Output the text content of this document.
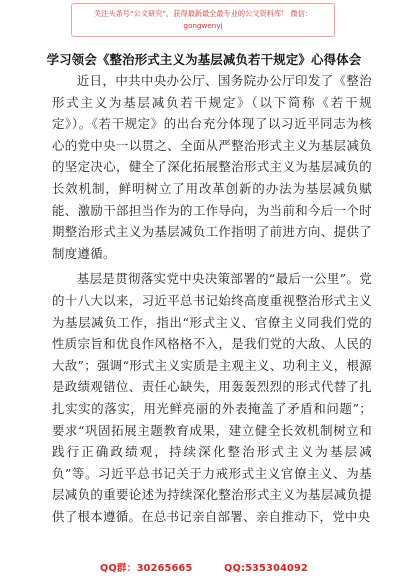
关注头条号“公文研究”，获得最新最全最专业的公文资料库！ 微信：gongwenyj
学习领会《整治形式主义为基层减负若干规定》心得体会

近日，中共中央办公厅、国务院办公厅印发了《整治形式主义为基层减负若干规定》（以下简称《若干规定》）。《若干规定》的出台充分体现了以习近平同志为核心的党中央一以贯之、全面从严整治形式主义为基层减负的坚定决心，健全了深化拓展整治形式主义为基层减负的长效机制，鲜明树立了用改革创新的办法为基层减负赋能、激励干部担当作为的工作导向，为当前和今后一个时期整治形式主义为基层减负工作指明了前进方向、提供了制度遵循。

基层是贯彻落实党中央决策部署的“最后一公里”。党的十八大以来，习近平总书记始终高度重视整治形式主义为基层减负工作，指出“形式主义、官僚主义同我们党的性质宗旨和优良作风格格不入，是我们党的大敌、人民的大敌”；强调“形式主义实质是主观主义、功利主义，根源是政绩观错位、责任心缺失，用轰轰烈烈的形式代替了扎扎实实的落实，用光鲜亮丽的外表掩盖了矛盾和问题”；要求“巩固拓展主题教育成果，建立健全长效机制树立和践行正确政绩观，持续深化整治形式主义为基层减负”等。习近平总书记关于力戒形式主义官僚主义、为基层减负的重要论述为持续深化整治形式主义为基层减负提供了根本遵循。在总书记亲自部署、亲自推动下，党中央

QQ群：30265665	QQ:535304092
